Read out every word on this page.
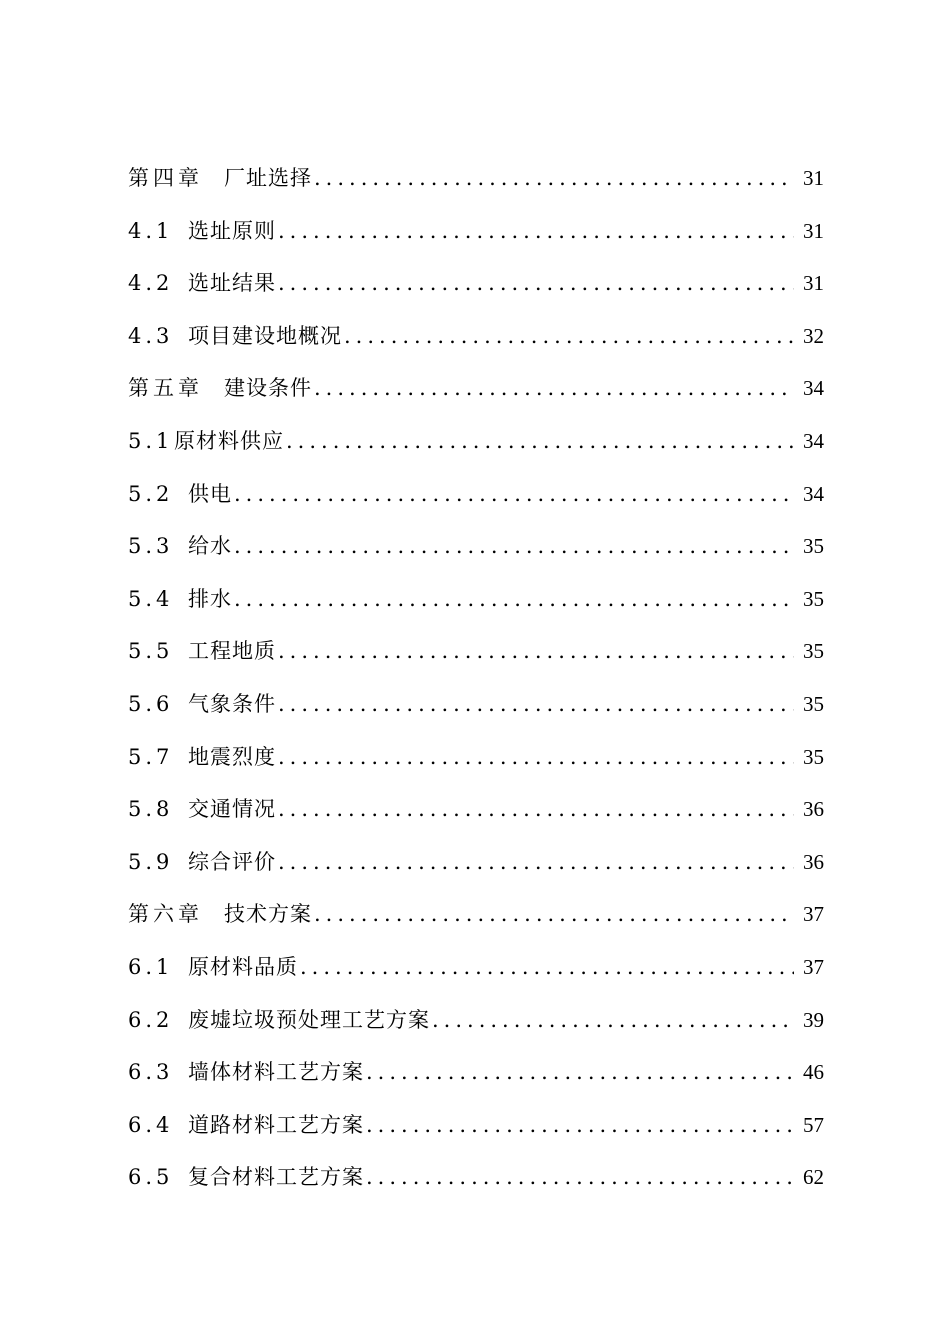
第四章	厂址选择 .....	31
4.1 选址原则 .....	31
4.2 选址结果 .....	31
4.3 项目建设地概况 .....	32
第五章	建设条件 .....	34
5.1 原材料供应 .....	34
5.2 供电 .....	34
5.3 给水 .....	35
5.4 排水 .....	35
5.5 工程地质 .....	35
5.6 气象条件 .....	35
5.7 地震烈度 .....	35
5.8 交通情况 .....	36
5.9 综合评价 .....	36
第六章	技术方案 .....	37
6.1 原材料品质 .....	37
6.2 废墟垃圾预处理工艺方案 .....	39
6.3 墙体材料工艺方案 .....	46
6.4 道路材料工艺方案 .....	57
6.5 复合材料工艺方案 .....	62
